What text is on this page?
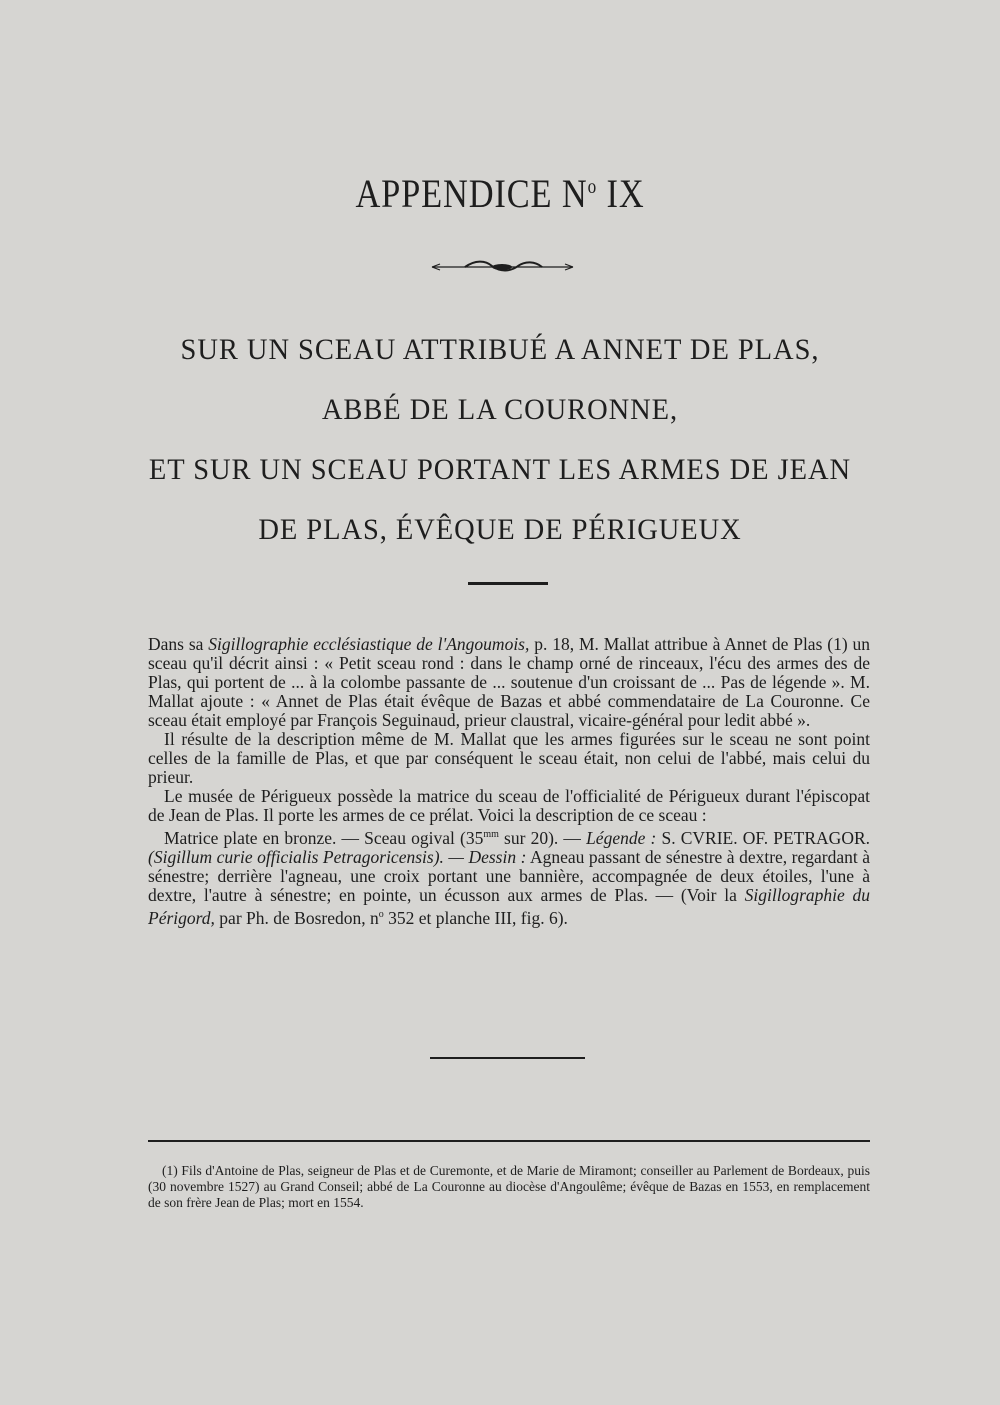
APPENDICE $N^o$ IX
SUR UN SCEAU ATTRIBUÉ A ANNET DE PLAS,
ABBÉ DE LA COURONNE,
ET SUR UN SCEAU PORTANT LES ARMES DE JEAN
DE PLAS, ÉVÊQUE DE PÉRIGUEUX

Dans sa Sigillographie ecclésiastique de l'Angoumois, p. 18, M. Mallat attribue à Annet de Plas (1) un sceau qu'il décrit ainsi : « Petit sceau rond : dans le champ orné de rinceaux, l'écu des armes des de Plas, qui portent de ... à la colombe passante de ... soutenue d'un croissant de ... Pas de légende ». M. Mallat ajoute : « Annet de Plas était évêque de Bazas et abbé commendataire de La Couronne. Ce sceau était employé par François Seguinaud, prieur claustral, vicaire-général pour ledit abbé ».

Il résulte de la description même de M. Mallat que les armes figurées sur le sceau ne sont point celles de la famille de Plas, et que par conséquent le sceau était, non celui de l'abbé, mais celui du prieur.

Le musée de Périgueux possède la matrice du sceau de l'officialité de Périgueux durant l'épiscopat de Jean de Plas. Il porte les armes de ce prélat. Voici la description de ce sceau :

Matrice plate en bronze. — Sceau ogival ($35^{mm}$ sur 20). — Légende : S. CVRIE. OF. PETRAGOR. (Sigillum curie officialis Petragoricensis). — Dessin : Agneau passant de sénestre à dextre, regardant à sénestre; derrière l'agneau, une croix portant une bannière, accompagnée de deux étoiles, l'une à dextre, l'autre à sénestre; en pointe, un écusson aux armes de Plas. — (Voir la Sigillographie du Périgord, par Ph. de Bosredon, $n^o$ 352 et planche III, fig. 6).

(1) Fils d'Antoine de Plas, seigneur de Plas et de Curemonte, et de Marie de Miramont; conseiller au Parlement de Bordeaux, puis (30 novembre 1527) au Grand Conseil; abbé de La Couronne au diocèse d'Angoulême; évêque de Bazas en 1553, en remplacement de son frère Jean de Plas; mort en 1554.
